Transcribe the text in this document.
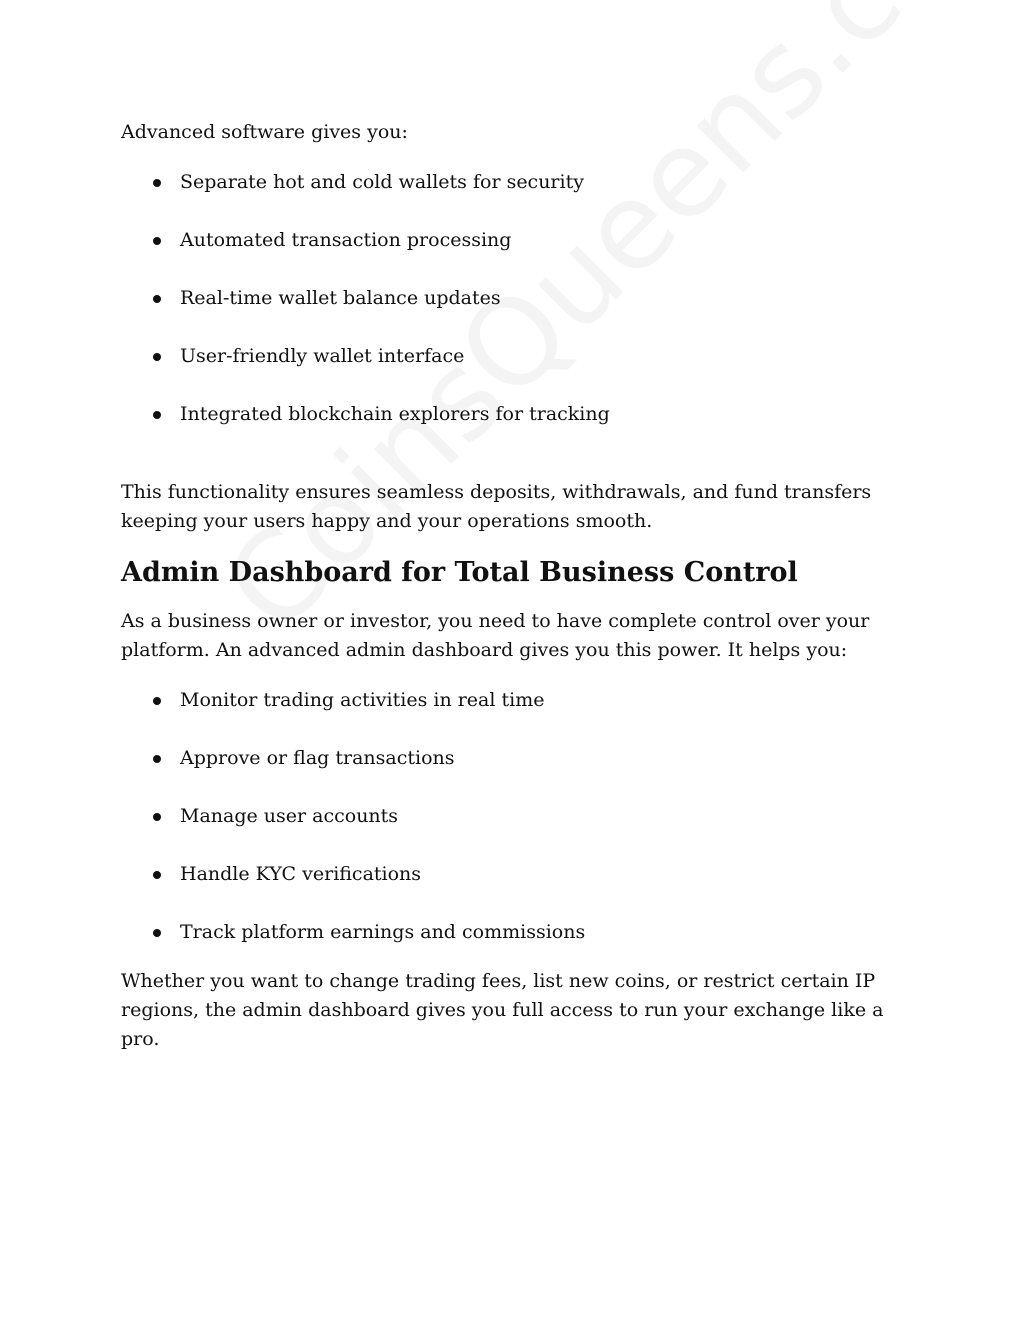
Advanced software gives you:

Separate hot and cold wallets for security
Automated transaction processing
Real-time wallet balance updates
User-friendly wallet interface
Integrated blockchain explorers for tracking

This functionality ensures seamless deposits, withdrawals, and fund transfers
keeping your users happy and your operations smooth.

Admin Dashboard for Total Business Control

As a business owner or investor, you need to have complete control over your
platform. An advanced admin dashboard gives you this power. It helps you:

Monitor trading activities in real time
Approve or flag transactions
Manage user accounts
Handle KYC verifications
Track platform earnings and commissions

Whether you want to change trading fees, list new coins, or restrict certain IP
regions, the admin dashboard gives you full access to run your exchange like a
pro.
